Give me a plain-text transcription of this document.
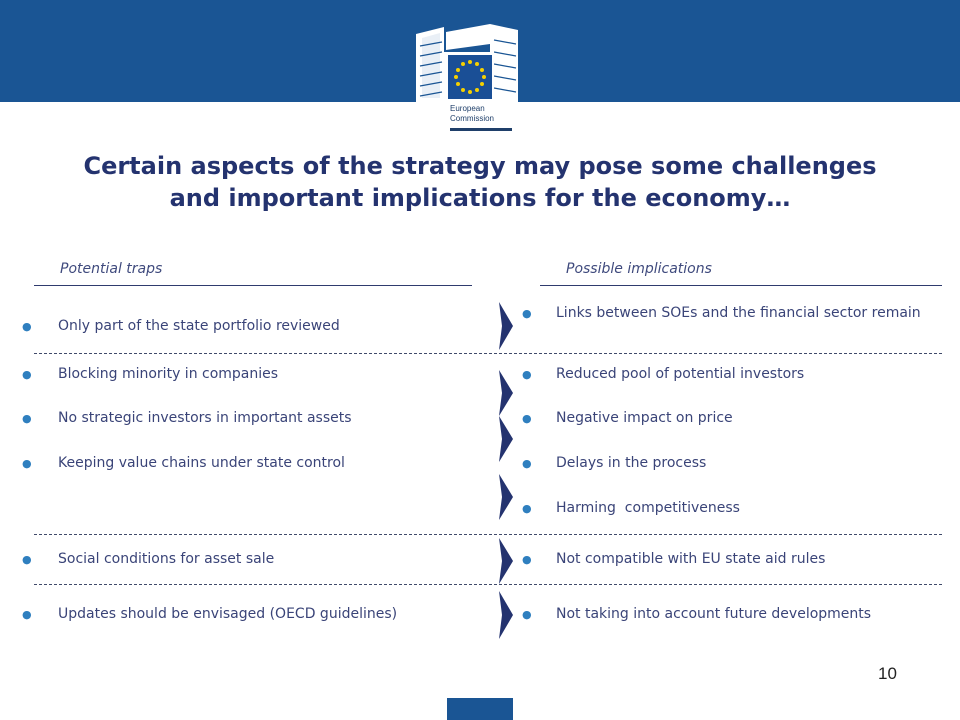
European
Commission
Certain aspects of the strategy may pose some challenges
and important implications for the economy…
Potential traps	Possible implications
● Only part of the state portfolio reviewed
● Blocking minority in companies
● No strategic investors in important assets
● Keeping value chains under state control
● Social conditions for asset sale
● Updates should be envisaged (OECD guidelines)
● Links between SOEs and the financial sector remain
● Reduced pool of potential investors
● Negative impact on price
● Delays in the process
● Harming  competitiveness
● Not compatible with EU state aid rules
● Not taking into account future developments
10
